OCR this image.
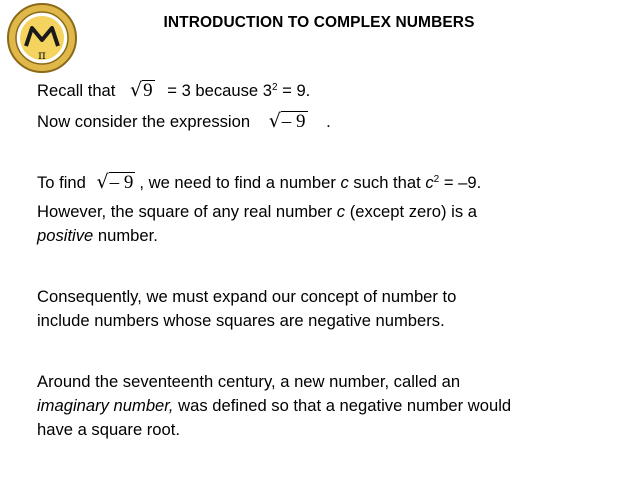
π
INTRODUCTION TO COMPLEX NUMBERS
Recall that √9 = 3 because $3^2 = 9$.
Now consider the expression √– 9 .
To find √– 9 , we need to find a number c such that $c^2 = -9$.
However, the square of any real number c (except zero) is a
positive number.
Consequently, we must expand our concept of number to
include numbers whose squares are negative numbers.
Around the seventeenth century, a new number, called an
imaginary number, was defined so that a negative number would
have a square root.
